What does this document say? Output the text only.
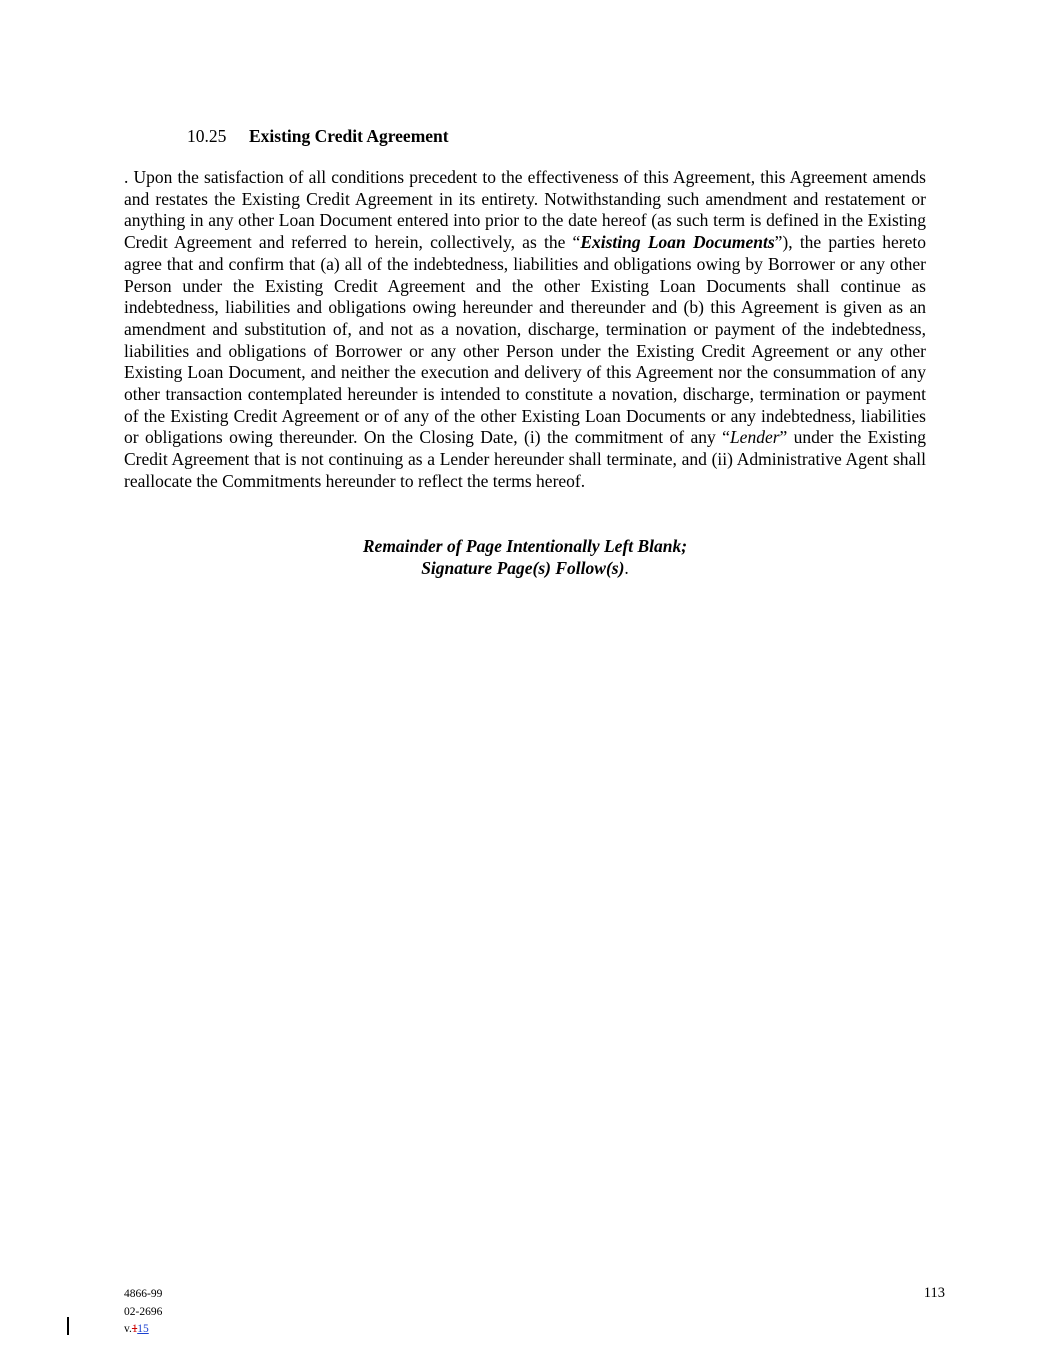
10.25 Existing Credit Agreement
. Upon the satisfaction of all conditions precedent to the effectiveness of this Agreement, this Agreement amends and restates the Existing Credit Agreement in its entirety. Notwithstanding such amendment and restatement or anything in any other Loan Document entered into prior to the date hereof (as such term is defined in the Existing Credit Agreement and referred to herein, collectively, as the “Existing Loan Documents”), the parties hereto agree that and confirm that (a) all of the indebtedness, liabilities and obligations owing by Borrower or any other Person under the Existing Credit Agreement and the other Existing Loan Documents shall continue as indebtedness, liabilities and obligations owing hereunder and thereunder and (b) this Agreement is given as an amendment and substitution of, and not as a novation, discharge, termination or payment of the indebtedness, liabilities and obligations of Borrower or any other Person under the Existing Credit Agreement or any other Existing Loan Document, and neither the execution and delivery of this Agreement nor the consummation of any other transaction contemplated hereunder is intended to constitute a novation, discharge, termination or payment of the Existing Credit Agreement or of any of the other Existing Loan Documents or any indebtedness, liabilities or obligations owing thereunder. On the Closing Date, (i) the commitment of any “Lender” under the Existing Credit Agreement that is not continuing as a Lender hereunder shall terminate, and (ii) Administrative Agent shall reallocate the Commitments hereunder to reflect the terms hereof.
Remainder of Page Intentionally Left Blank;
Signature Page(s) Follow(s).
4866-99
02-2696
v.115
113
